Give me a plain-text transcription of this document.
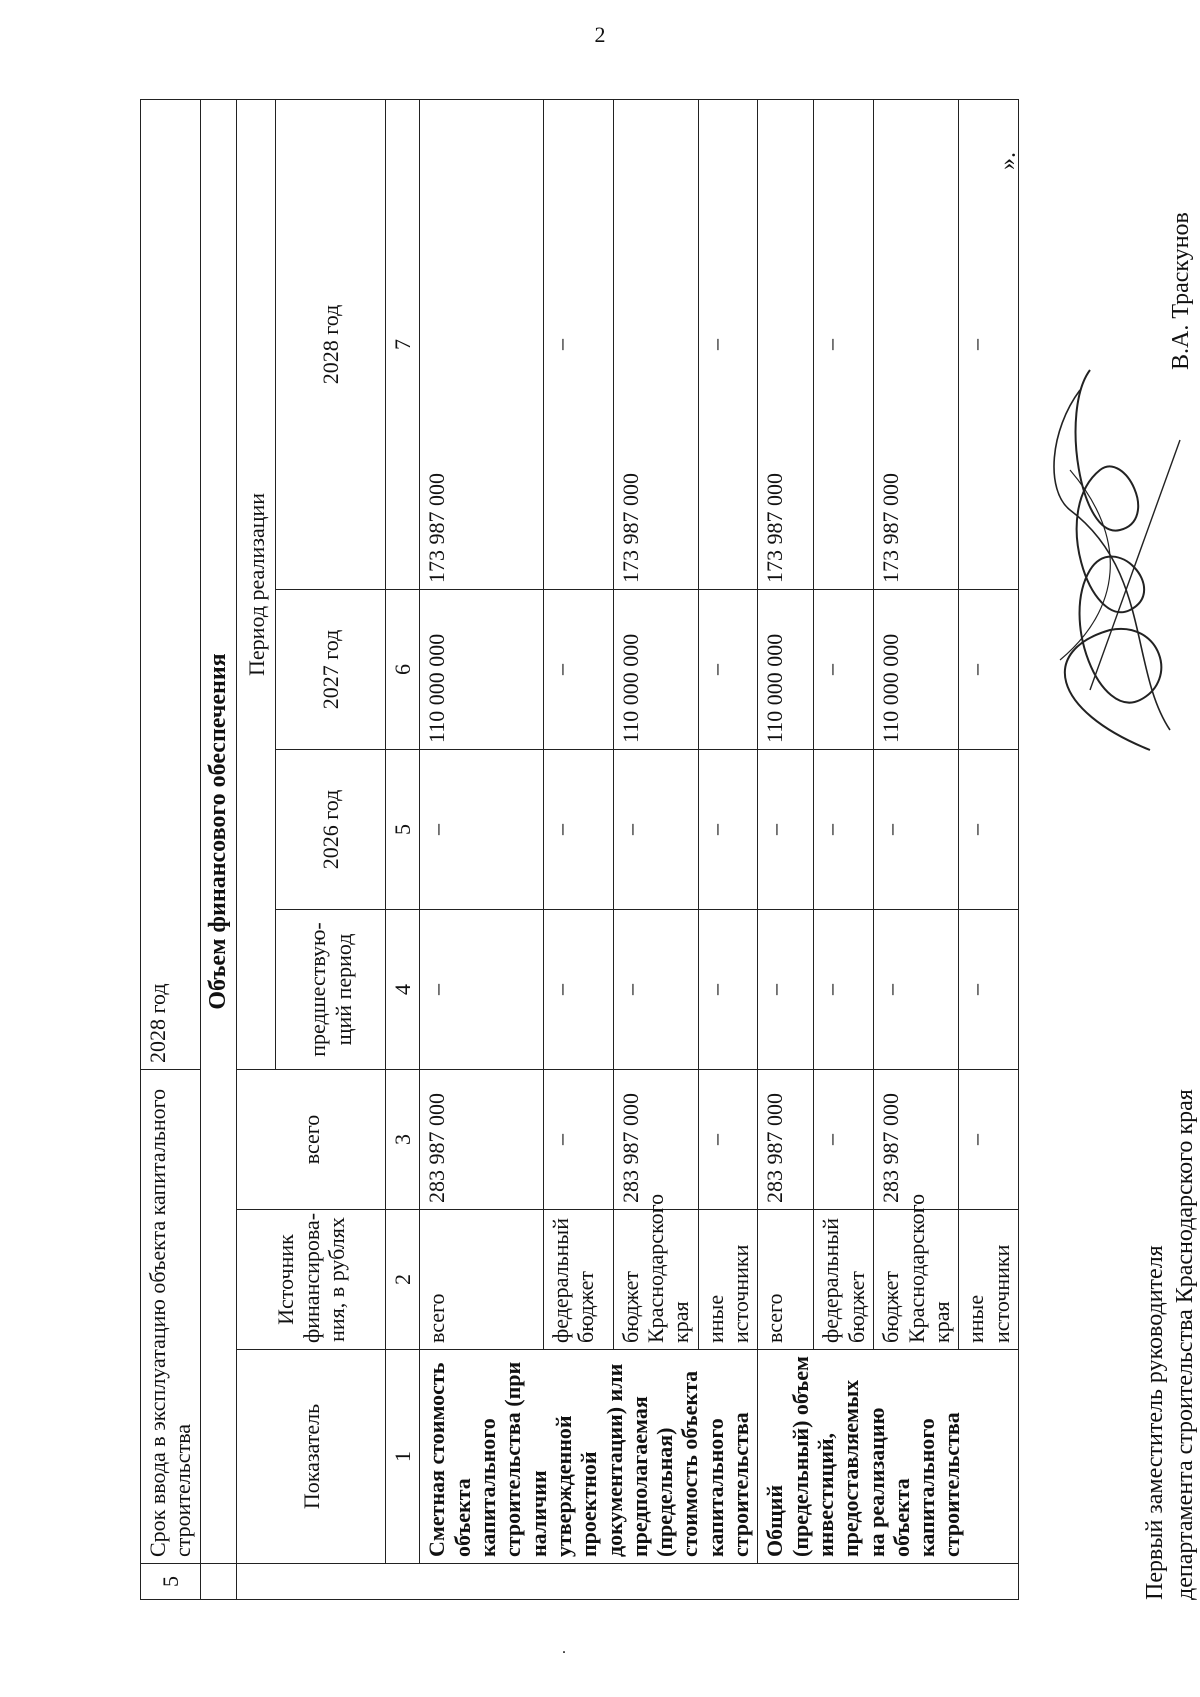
2
.
5	Срок ввода в эксплуатацию объекта капитального строительства			2028 год			
	Объем финансового обеспечения						
	Показатель	Источник финансирова-ния, в рублях	всего	Период реализации			
				предшествую-щий период	2026 год	2027 год	2028 год
	1	2	3	4	5	6	7
	Сметная стоимость объекта капитального строительства (при наличии утвержденной проектной документации) или предполагаемая (предельная) стоимость объекта капитального строительства	всего	283 987 000	–	–	110 000 000	173 987 000
		федеральный бюджет	–	–	–	–	–
		бюджет Краснодарского края	283 987 000	–	–	110 000 000	173 987 000
		иные источники	–	–	–	–	–
	Общий (предельный) объем инвестиций, предоставляемых на реализацию объекта капитального строительства	всего	283 987 000	–	–	110 000 000	173 987 000
		федеральный бюджет	–	–	–	–	–
		бюджет Краснодарского края	283 987 000	–	–	110 000 000	173 987 000
		иные источники	–	–	–	–	–
».
Первый заместитель руководителя департамента строительства Краснодарского края
В.А. Траскунов
